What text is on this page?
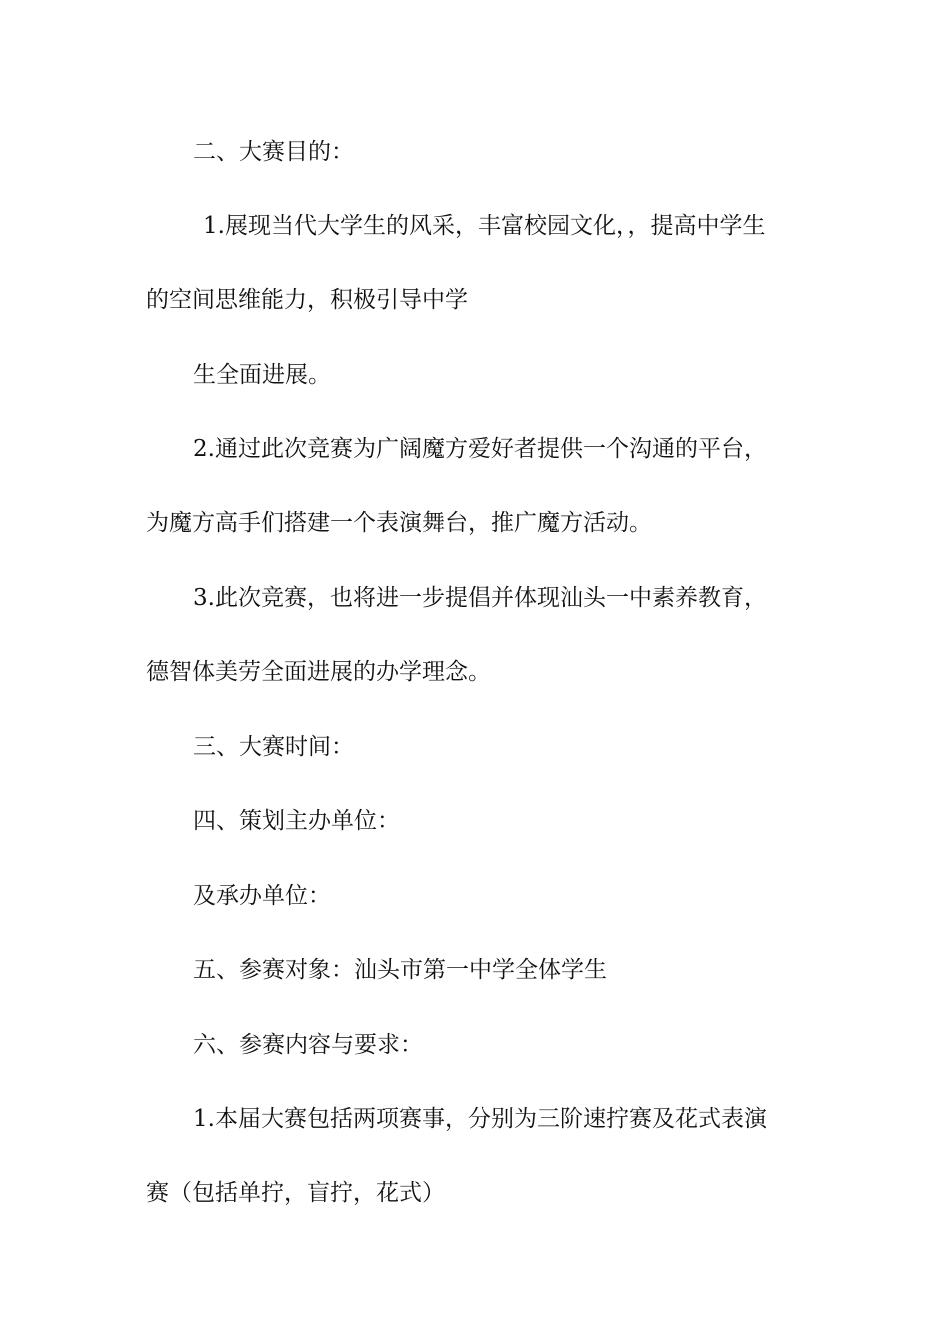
二、大赛目的：
1.展现当代大学生的风采，丰富校园文化，，提高中学生
的空间思维能力，积极引导中学
生全面进展。
2.通过此次竞赛为广阔魔方爱好者提供一个沟通的平台，
为魔方高手们搭建一个表演舞台，推广魔方活动。
3.此次竞赛，也将进一步提倡并体现汕头一中素养教育，
德智体美劳全面进展的办学理念。
三、大赛时间：
四、策划主办单位：
及承办单位：
五、参赛对象：汕头市第一中学全体学生
六、参赛内容与要求：
1.本届大赛包括两项赛事，分别为三阶速拧赛及花式表演
赛（包括单拧，盲拧，花式）
